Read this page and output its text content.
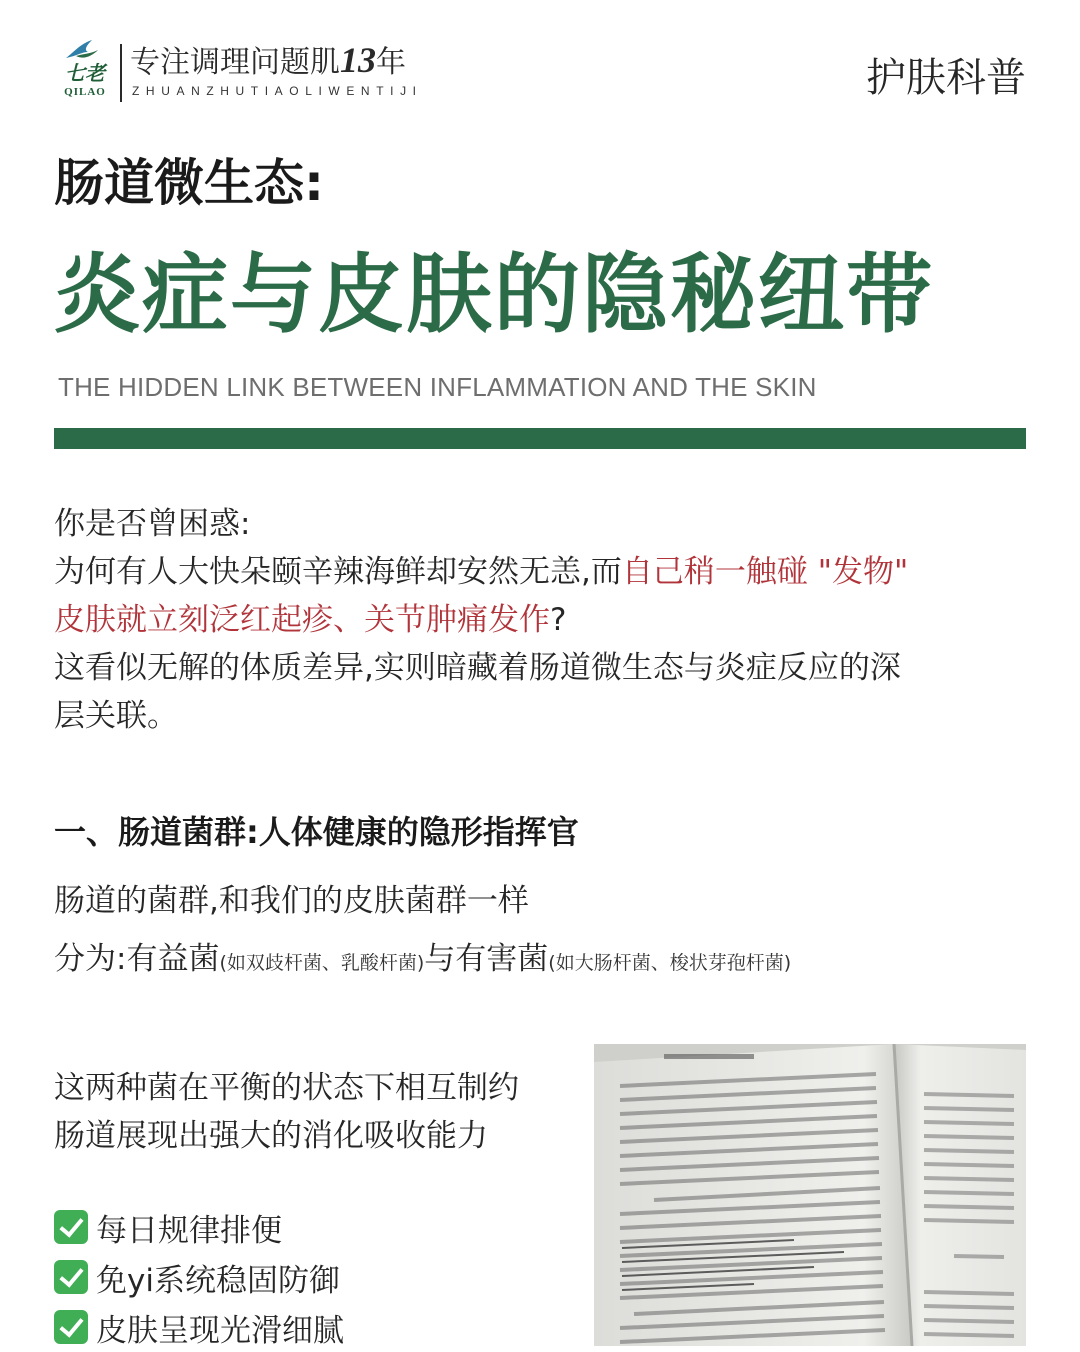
七老
QILAO
专注调理问题肌13年
ZHUANZHUTIAOLIWENTIJI	护肤科普
肠道微生态:
炎症与皮肤的隐秘纽带
THE HIDDEN LINK BETWEEN INFLAMMATION AND THE SKIN
你是否曾困惑:
为何有人大快朵颐辛辣海鲜却安然无恙,而自己稍一触碰 "发物"
皮肤就立刻泛红起疹、关节肿痛发作?
这看似无解的体质差异,实则暗藏着肠道微生态与炎症反应的深
层关联。
一、肠道菌群:人体健康的隐形指挥官
肠道的菌群,和我们的皮肤菌群一样
分为:有益菌(如双歧杆菌、乳酸杆菌)与有害菌(如大肠杆菌、梭状芽孢杆菌)
这两种菌在平衡的状态下相互制约
肠道展现出强大的消化吸收能力
每日规律排便
免yi系统稳固防御
皮肤呈现光滑细腻
